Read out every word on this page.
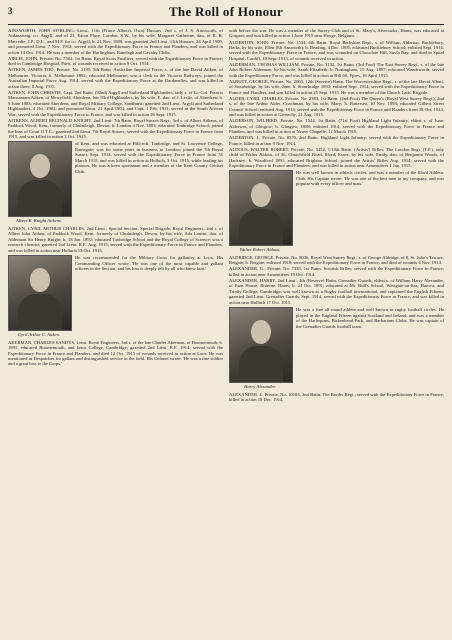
3	The Roll of Honour

AINSWORTH, JOHN STIRLING, Lieut., 11th (Prince Albert's Own) Hussars, 2nd s. of J. S. Ainsworth, of Ardanaiseig, co. Argyll, and of 21, Eaton Place, London, S.W., by his wife, Margaret Catherine, dau. of R. R. Macredie, J.P., D.L., and M.P. for co. Argyll; b. 24 Nov. 1889; was gazetted 2nd Lieut. 11th Hussars, 24 April 1909, and promoted Lieut. 7 Nov. 1912; served with the Expeditionary Force in France and Flanders, and was killed in action 14 Oct. 1914. He was a member of the Hurlingham, Ranelagh and Cavalry Clubs.

AIRLIE, JOHN, Private, No. 7502, 1st Battn. Royal Scots Fusiliers; served with the Expeditionary Force in France; died in Cambridge Hospital, Paris, of wounds received in action 9 Oct. 1914.

AITKEN, JAMES TOD, Private, No. 2195, 5th Battn. Australian Imperial Force, s. of the late David Aitken, of Melbourne, Victoria; b. Melbourne 1892; educated Melbourne; was a clerk in the Victoria Railways; joined the Australian Imperial Force Aug. 1914; served with the Expeditionary Force at the Dardanelles, and was killed in action there, 8 Aug. 1915.

AITKEN, JOHN CHRISTIE, Capt. 2nd Battn. (92nd) Argyll and Sutherland Highlanders, only s. of Lt.-Col. Francis Macnamara Aitken, of Merryfield, Aberdeen, late 93rd Highlanders, by his wife, E. dau. of J. Leslie, of Aberdeen; b. 9 June 1883; educated Aberdeen, and Royal Military College, Sandhurst; gazetted 2nd Lieut. Argyll and Sutherland Highlanders, 4 Oct. 1902, and promoted Lieut. 21 April 1904, and Capt. 1 Feb. 1911; served in the South African War; served with the Expeditionary Force to France, and was killed in action 26 Sept. 1915.

AITKENS, ALBERT REGINALD KNIGHT, 2nd Lieut. 7th Battn. Royal Sussex Regt., 3rd s. of Albert Aitkens, of Paddock Wood, Kent, formerly of Chulmleigh, Devon; b. London 4 Nov. 1883; educated Tonbridge School; joined the Inns of Court O.T.C.; gazetted 2nd Lieut. 7th Royal Sussex; served with the Expeditionary Force in France from 1915, and was killed in action 3 Oct. 1915.

Albert R. Knight Aitkens.

of Kent, and was educated at Hillcroft, Tonbridge, and St. Lawrence College, Ramsgate; was for some years in business in London; joined the 7th Royal Sussex Sept. 1914; served with the Expeditionary Force in France from 31 March 1915, and was killed in action at Hulluch, 3 Oct. 1915, while leading his platoon. He was a keen sportsman and a member of the Kent County Cricket Club.

AITKEN, CYRIL ARTHUR CHARLES, 2nd Lieut., Special Section, Special Brigade, Royal Engineers, 2nd s. of Albert John Aitken, of Paddock Wood, Kent, formerly of Chulmleigh, Devon, by his wife, Ada Louise, dau. of Alderman Sir Henry Knight; b. 18 Jan. 1892; educated Tonbridge School and the Royal College of Science; was a research chemist; gazetted 2nd Lieut. R.E. Aug. 1915; served with the Expeditionary Force in France and Flanders, and was killed in action near Hulluch 13 Oct. 1915.

Cyril Arthur C. Aitken.

He was recommended for the Military Cross for gallantry at Loos. His Commanding Officer wrote: 'He was one of the most capable and gallant officers in the Section, and his loss is deeply felt by all who knew him.'

AKERMAN, CHARLES SANDYS, Lieut. Royal Engineers, 3rd s. of the late Charles Akerman, of Bournemouth; b. 1891; educated Bournemouth, and Jesus College, Cambridge; gazetted 2nd Lieut. R.E. 1914; served with the Expeditionary Force in France and Flanders, and died 12 Oct. 1915 of wounds received in action at Loos. He was mentioned in Despatches for gallant and distinguished service in the field. His Colonel wrote: 'He was a fine soldier and a great loss to the Corps.'

with before the war. He was a member of the Surrey Club and of St. Mary's, Alverstoke, Hants; was educated at Gosport; and was killed in action 1 June 1915 near Hooge, Belgium.

ALDERTON, JOHN, Private, No. 1534, 6th Battn. Royal Berkshire Regt., s. of William Alderton, Bucklebury, Berks, by his wife, Ellen (Eli Answorth); b. Reading, 4 Dec. 1895; educated Bucklebury School; enlisted Sept. 1914; served with the Expeditionary Force in France, and was wounded on Chocolate Hill, Suvla Bay, and died in Spital Hospital, Cardiff, 10 Sept. 1915, of wounds received in action.

ALDERMAN, THOMAS WILLIAM, Private, No. 3132, 1st Battn. (3rd Foot) The East Surrey Regt., s. of the late John Robert Alderman, by his wife, Sarah Elizabeth; b. Nottingham, 15 Aug. 1897; educated Wandsworth; served with the Expeditionary Force, and was killed in action at Hill 60, Ypres, 18 April 1915.

ALBUTT, GEORGE, Private, No. 2063, 12th (Service) Battn. The Worcestershire Regt., s. of the late David Albutt, of Stourbridge, by his wife, Jane; b. Stourbridge 1893; enlisted Sept. 1914; served with the Expeditionary Force in France and Flanders, and was killed in action 25 Sept. 1915. He was a member of the Church Lads' Brigade.

ALDER, CYRIL CHARLES, Private, No. 2383, 1st Battn. (2nd Foot) The Queen's (Royal West Surrey Regt.), 2nd s. of the late Arthur Alder, Coachman, by his wife, Mary; b. Battersea, 10 Nov. 1893; educated Gilbert Street Council School; enlisted Aug. 1914; served with the Expeditionary Force in France and Flanders from 18 Oct. 1914, and was killed in action at Givenchy, 21 Aug. 1915.

ALDERSON, WILFRED, Private, No. 1544, 1st Battn. (71st Foot) Highland Light Infantry, eldest s. of Isaac Alderson, of Glasgow; b. Glasgow, 1888; enlisted 1914; served with the Expeditionary Force in France and Flanders, and was killed in action at Neuve Chapelle, 12 March 1915.

ALDERTON, J., Private, No. 8570, 2nd Battn. Highland Light Infantry; served with the Expeditionary Force in France; killed in action 9 Nov. 1914.

ALDOUS, WALTER ROBERT, Private, No. 3452, 1/10th Battn. (Artists') Rifles; The London Regt. (T.F.), only child of Walter Aldous, of 36, Churchfield Road, Ilford, Essex, by his wife, Emily, dau. of Benjamin Woods, of Hackney; b. Woodford 1891; educated Brighton School; joined the Artists' Rifles Aug. 1914; served with the Expeditionary Force in France and Flanders, and was killed in action near Armentières 1 Jan. 1915.

Walter Robert Aldous.

He was well known in athletic circles, and was a member of the Ilford Athletic Club. His Captain wrote: 'He was one of the best men in my company, and was popular with every officer and man.'

ALDRIDGE, GEORGE, Private, No. 8036, Royal West Surrey Regt., s. of George Aldridge, of 8, St. John's Terrace, Reigate; b. Reigate; enlisted 1910; served with the Expeditionary Force in France, and died of wounds 4 Nov. 1914.

ALEXANDER, G., Private, No. 7335, 1st Battn. Scottish Rifles; served with the Expeditionary Force in France; killed in action near Armentières 19 Oct. 1914.

ALEXANDER, HARRY, 2nd Lieut., 4th (Reserve) Battn. Grenadier Guards, eldest s. of William Harry Alexander, of Eton House, Bitterne, Hants; b. 24 Oct. 1891; educated at Mr. Bull's School, Westgate-on-Sea, Harrow, and Trinity College, Cambridge; was well known as a Rugby football international, and captained the English Fifteen; gazetted 2nd Lieut. Grenadier Guards, Sept. 1914; served with the Expeditionary Force in France, and was killed in action near Hulluch 17 Oct. 1915.

Harry Alexander.

He was a fine all-round athlete and well known in rugby football circles. He played in the England Fifteen against Scotland and Ireland, and was a member of the Harlequins, Birkenhead Park, and Barbarians Clubs. He was captain of the Grenadier Guards football team.

ALEXANDER, J., Private, No. 10104, 2nd Battn. The Border Regt.; served with the Expeditionary Force in France; killed in action 18 Dec. 1914.
